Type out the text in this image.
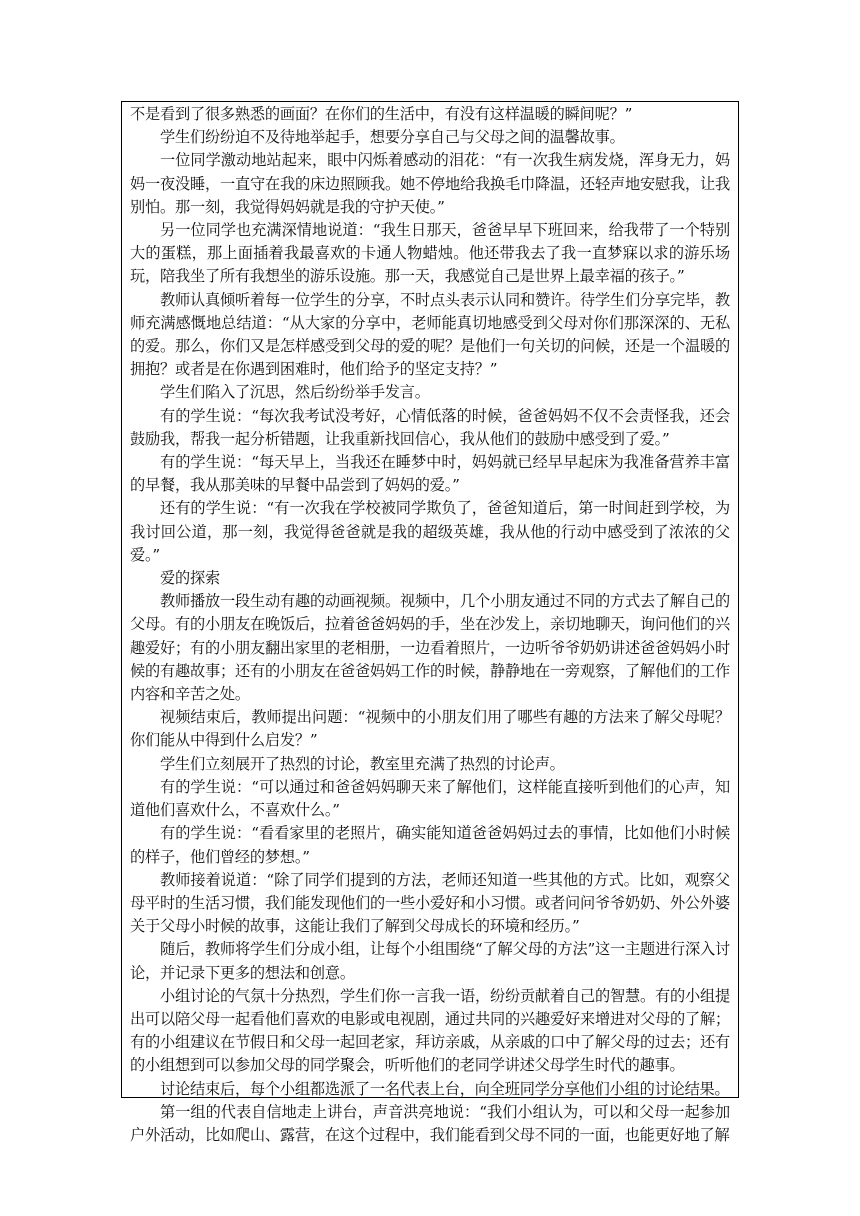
不是看到了很多熟悉的画面？在你们的生活中，有没有这样温暖的瞬间呢？”

学生们纷纷迫不及待地举起手，想要分享自己与父母之间的温馨故事。

一位同学激动地站起来，眼中闪烁着感动的泪花：“有一次我生病发烧，浑身无力，妈妈一夜没睡，一直守在我的床边照顾我。她不停地给我换毛巾降温，还轻声地安慰我，让我别怕。那一刻，我觉得妈妈就是我的守护天使。”

另一位同学也充满深情地说道：“我生日那天，爸爸早早下班回来，给我带了一个特别大的蛋糕，那上面插着我最喜欢的卡通人物蜡烛。他还带我去了我一直梦寐以求的游乐场玩，陪我坐了所有我想坐的游乐设施。那一天，我感觉自己是世界上最幸福的孩子。”

教师认真倾听着每一位学生的分享，不时点头表示认同和赞许。待学生们分享完毕，教师充满感慨地总结道：“从大家的分享中，老师能真切地感受到父母对你们那深深的、无私的爱。那么，你们又是怎样感受到父母的爱的呢？是他们一句关切的问候，还是一个温暖的拥抱？或者是在你遇到困难时，他们给予的坚定支持？”

学生们陷入了沉思，然后纷纷举手发言。

有的学生说：“每次我考试没考好，心情低落的时候，爸爸妈妈不仅不会责怪我，还会鼓励我，帮我一起分析错题，让我重新找回信心，我从他们的鼓励中感受到了爱。”

有的学生说：“每天早上，当我还在睡梦中时，妈妈就已经早早起床为我准备营养丰富的早餐，我从那美味的早餐中品尝到了妈妈的爱。”

还有的学生说：“有一次我在学校被同学欺负了，爸爸知道后，第一时间赶到学校，为我讨回公道，那一刻，我觉得爸爸就是我的超级英雄，我从他的行动中感受到了浓浓的父爱。”

爱的探索

教师播放一段生动有趣的动画视频。视频中，几个小朋友通过不同的方式去了解自己的父母。有的小朋友在晚饭后，拉着爸爸妈妈的手，坐在沙发上，亲切地聊天，询问他们的兴趣爱好；有的小朋友翻出家里的老相册，一边看着照片，一边听爷爷奶奶讲述爸爸妈妈小时候的有趣故事；还有的小朋友在爸爸妈妈工作的时候，静静地在一旁观察，了解他们的工作内容和辛苦之处。

视频结束后，教师提出问题：“视频中的小朋友们用了哪些有趣的方法来了解父母呢？你们能从中得到什么启发？”

学生们立刻展开了热烈的讨论，教室里充满了热烈的讨论声。

有的学生说：“可以通过和爸爸妈妈聊天来了解他们，这样能直接听到他们的心声，知道他们喜欢什么，不喜欢什么。”

有的学生说：“看看家里的老照片，确实能知道爸爸妈妈过去的事情，比如他们小时候的样子，他们曾经的梦想。”

教师接着说道：“除了同学们提到的方法，老师还知道一些其他的方式。比如，观察父母平时的生活习惯，我们能发现他们的一些小爱好和小习惯。或者问问爷爷奶奶、外公外婆关于父母小时候的故事，这能让我们了解到父母成长的环境和经历。”

随后，教师将学生们分成小组，让每个小组围绕“了解父母的方法”这一主题进行深入讨论，并记录下更多的想法和创意。

小组讨论的气氛十分热烈，学生们你一言我一语，纷纷贡献着自己的智慧。有的小组提出可以陪父母一起看他们喜欢的电影或电视剧，通过共同的兴趣爱好来增进对父母的了解；有的小组建议在节假日和父母一起回老家，拜访亲戚，从亲戚的口中了解父母的过去；还有的小组想到可以参加父母的同学聚会，听听他们的老同学讲述父母学生时代的趣事。

讨论结束后，每个小组都选派了一名代表上台，向全班同学分享他们小组的讨论结果。

第一组的代表自信地走上讲台，声音洪亮地说：“我们小组认为，可以和父母一起参加户外活动，比如爬山、露营，在这个过程中，我们能看到父母不同的一面，也能更好地了解
